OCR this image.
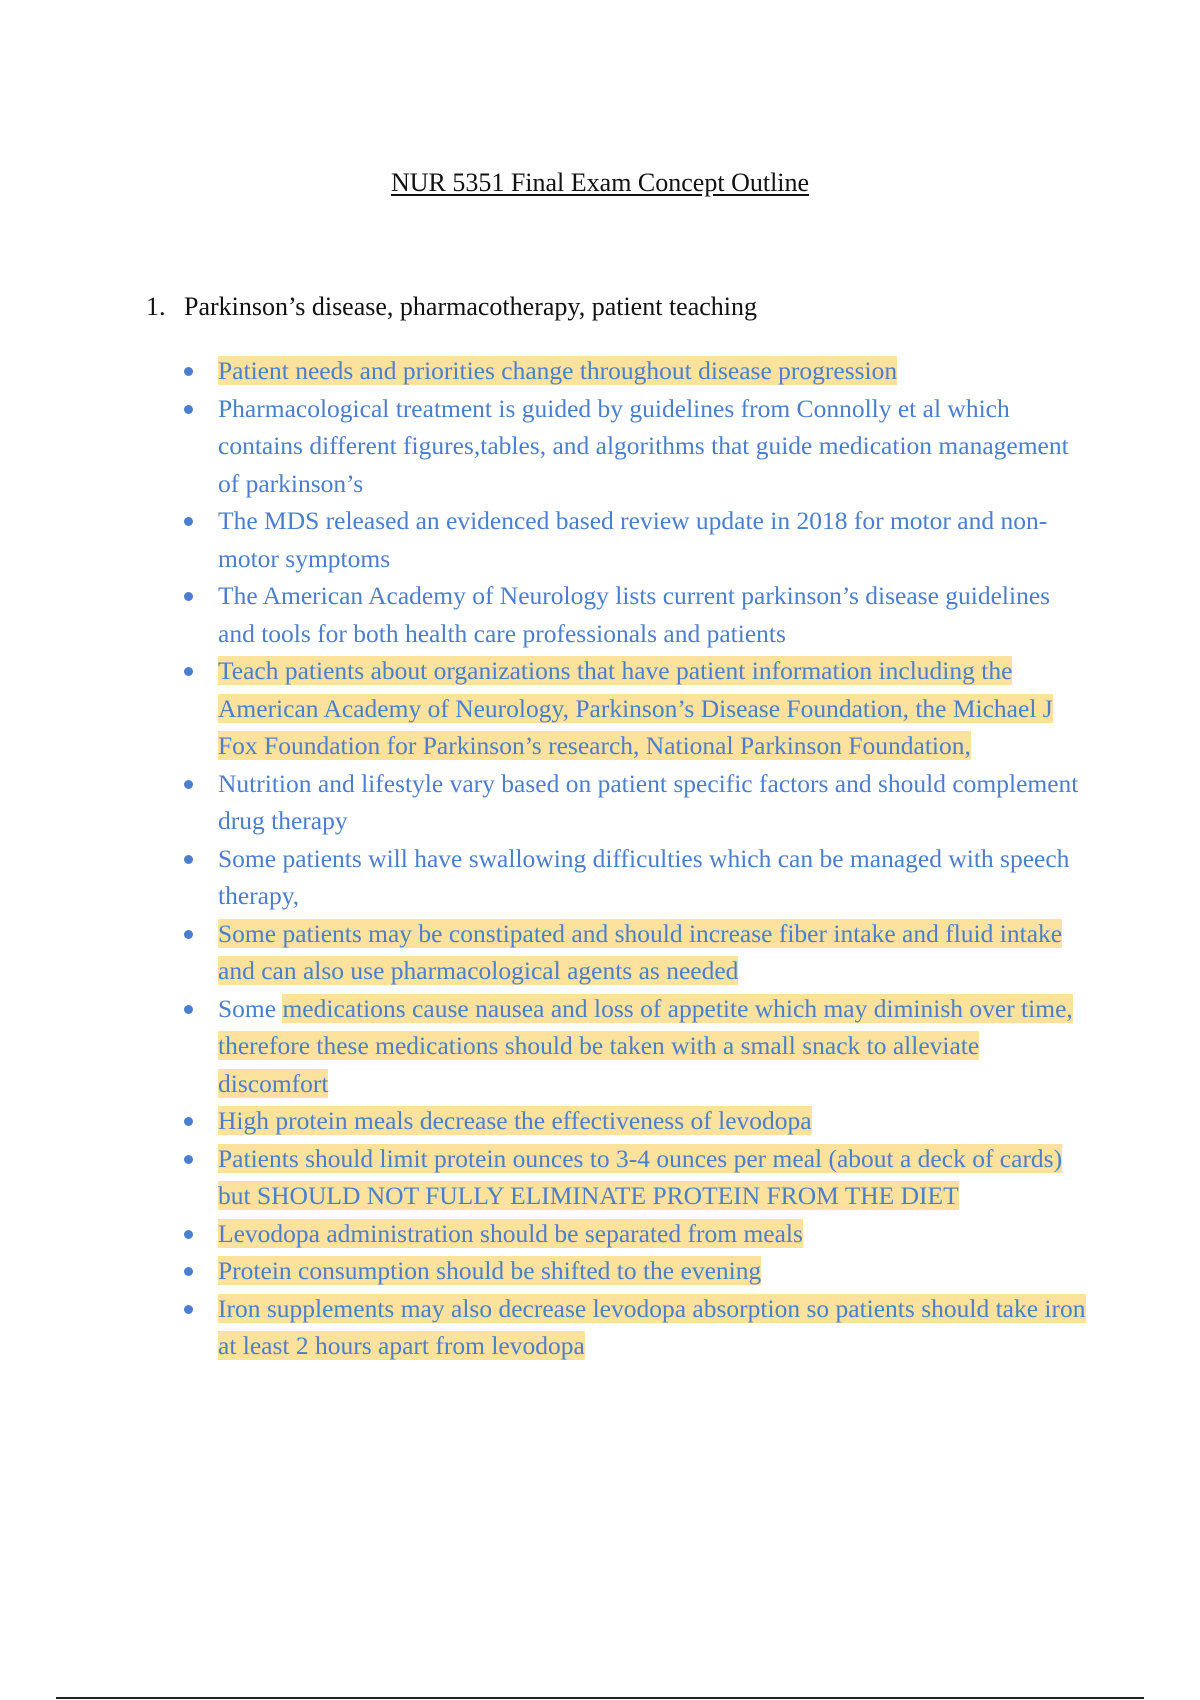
NUR 5351 Final Exam Concept Outline

1. Parkinson’s disease, pharmacotherapy, patient teaching

Patient needs and priorities change throughout disease progression
Pharmacological treatment is guided by guidelines from Connolly et al which contains different figures,tables, and algorithms that guide medication management of parkinson’s
The MDS released an evidenced based review update in 2018 for motor and non-motor symptoms
The American Academy of Neurology lists current parkinson’s disease guidelines and tools for both health care professionals and patients
Teach patients about organizations that have patient information including the American Academy of Neurology, Parkinson’s Disease Foundation, the Michael J Fox Foundation for Parkinson’s research, National Parkinson Foundation,
Nutrition and lifestyle vary based on patient specific factors and should complement drug therapy
Some patients will have swallowing difficulties which can be managed with speech therapy,
Some patients may be constipated and should increase fiber intake and fluid intake and can also use pharmacological agents as needed
Some medications cause nausea and loss of appetite which may diminish over time, therefore these medications should be taken with a small snack to alleviate discomfort
High protein meals decrease the effectiveness of levodopa
Patients should limit protein ounces to 3-4 ounces per meal (about a deck of cards) but SHOULD NOT FULLY ELIMINATE PROTEIN FROM THE DIET
Levodopa administration should be separated from meals
Protein consumption should be shifted to the evening
Iron supplements may also decrease levodopa absorption so patients should take iron at least 2 hours apart from levodopa
